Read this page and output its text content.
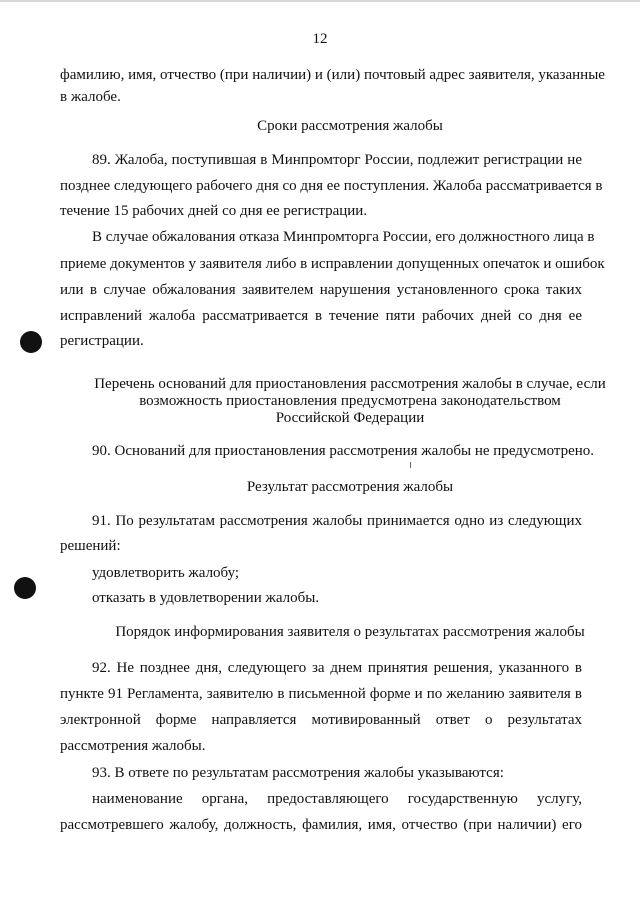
12

фамилию, имя, отчество (при наличии) и (или) почтовый адрес заявителя, указанные

в жалобе.

Сроки рассмотрения жалобы

89. Жалоба, поступившая в Минпромторг России, подлежит регистрации не

позднее следующего рабочего дня со дня ее поступления. Жалоба рассматривается в

течение 15 рабочих дней со дня ее регистрации.

В случае обжалования отказа Минпромторга России, его должностного лица в

приеме документов у заявителя либо в исправлении допущенных опечаток и ошибок

или в случае обжалования заявителем нарушения установленного срока таких

исправлений жалоба рассматривается в течение пяти рабочих дней со дня ее

регистрации.

Перечень оснований для приостановления рассмотрения жалобы в случае, если

возможность приостановления предусмотрена законодательством

Российской Федерации

90. Оснований для приостановления рассмотрения жалобы не предусмотрено.

Результат рассмотрения жалобы

91. По результатам рассмотрения жалобы принимается одно из следующих

решений:

удовлетворить жалобу;

отказать в удовлетворении жалобы.

Порядок информирования заявителя о результатах рассмотрения жалобы

92. Не позднее дня, следующего за днем принятия решения, указанного в

пункте 91 Регламента, заявителю в письменной форме и по желанию заявителя в

электронной форме направляется мотивированный ответ о результатах

рассмотрения жалобы.

93. В ответе по результатам рассмотрения жалобы указываются:

наименование органа, предоставляющего государственную услугу,

рассмотревшего жалобу, должность, фамилия, имя, отчество (при наличии) его
